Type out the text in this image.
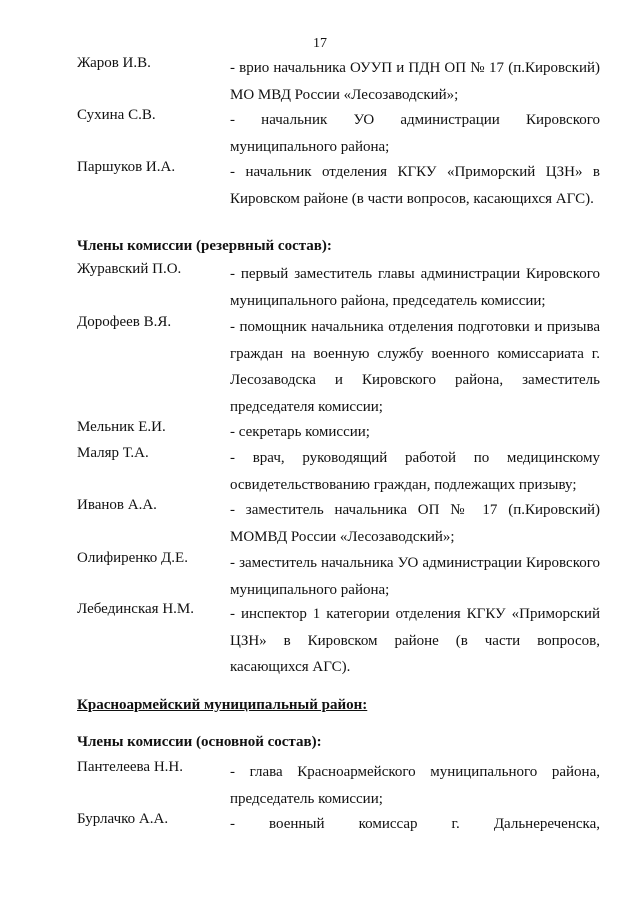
17
Жаров И.В.	- врио начальника ОУУП и ПДН ОП № 17 (п.Кировский) МО МВД России «Лесозаводский»;
Сухина С.В.	- начальник УО администрации Кировского муниципального района;
Паршуков И.А.	- начальник отделения КГКУ «Приморский ЦЗН» в Кировском районе (в части вопросов, касающихся АГС).
Члены комиссии (резервный состав):
Журавский П.О.	- первый заместитель главы администрации Кировского муниципального района, председатель комиссии;
Дорофеев В.Я.	- помощник начальника отделения подготовки и призыва граждан на военную службу военного комиссариата г. Лесозаводска и Кировского района, заместитель председателя комиссии;
Мельник Е.И.	- секретарь комиссии;
Маляр Т.А.	- врач, руководящий работой по медицинскому освидетельствованию граждан, подлежащих призыву;
Иванов А.А.	- заместитель начальника ОП № 17 (п.Кировский) МОМВД России «Лесозаводский»;
Олифиренко Д.Е.	- заместитель начальника УО администрации Кировского муниципального района;
Лебединская Н.М. - инспектор 1 категории отделения КГКУ «Приморский ЦЗН» в Кировском районе (в части вопросов, касающихся АГС).
Красноармейский муниципальный район:
Члены комиссии (основной состав):
Пантелеева Н.Н.	- глава Красноармейского муниципального района, председатель комиссии;
Бурлачко А.А.	- военный комиссар г. Дальнереченска,
